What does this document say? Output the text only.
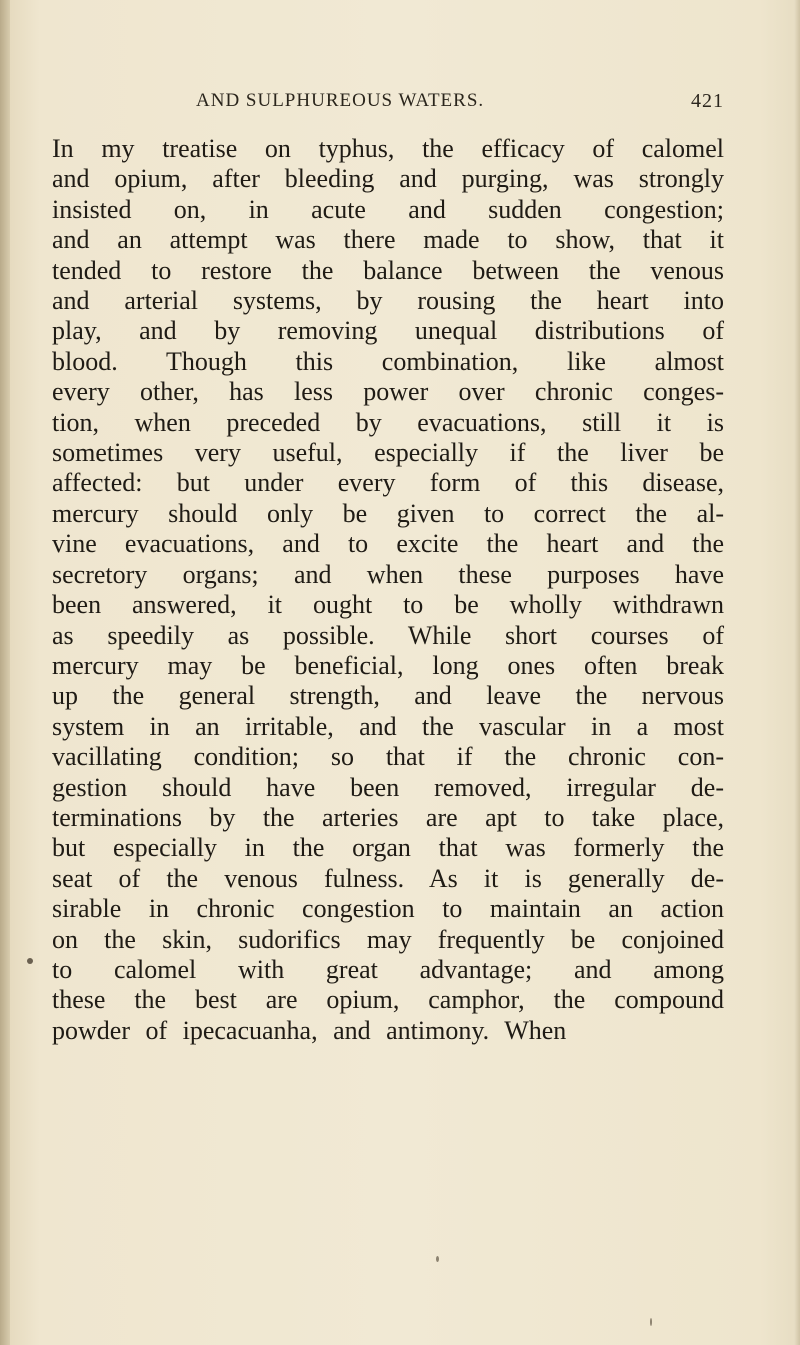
AND SULPHUREOUS WATERS.	421
In my treatise on typhus, the efficacy of calomel
and opium, after bleeding and purging, was strongly
insisted on, in acute and sudden congestion;
and an attempt was there made to show, that it
tended to restore the balance between the venous
and arterial systems, by rousing the heart into
play, and by removing unequal distributions of
blood. Though this combination, like almost
every other, has less power over chronic conges-
tion, when preceded by evacuations, still it is
sometimes very useful, especially if the liver be
affected: but under every form of this disease,
mercury should only be given to correct the al-
vine evacuations, and to excite the heart and the
secretory organs; and when these purposes have
been answered, it ought to be wholly withdrawn
as speedily as possible. While short courses of
mercury may be beneficial, long ones often break
up the general strength, and leave the nervous
system in an irritable, and the vascular in a most
vacillating condition; so that if the chronic con-
gestion should have been removed, irregular de-
terminations by the arteries are apt to take place,
but especially in the organ that was formerly the
seat of the venous fulness. As it is generally de-
sirable in chronic congestion to maintain an action
on the skin, sudorifics may frequently be conjoined
to calomel with great advantage; and among
these the best are opium, camphor, the compound
powder of ipecacuanha, and antimony. When
